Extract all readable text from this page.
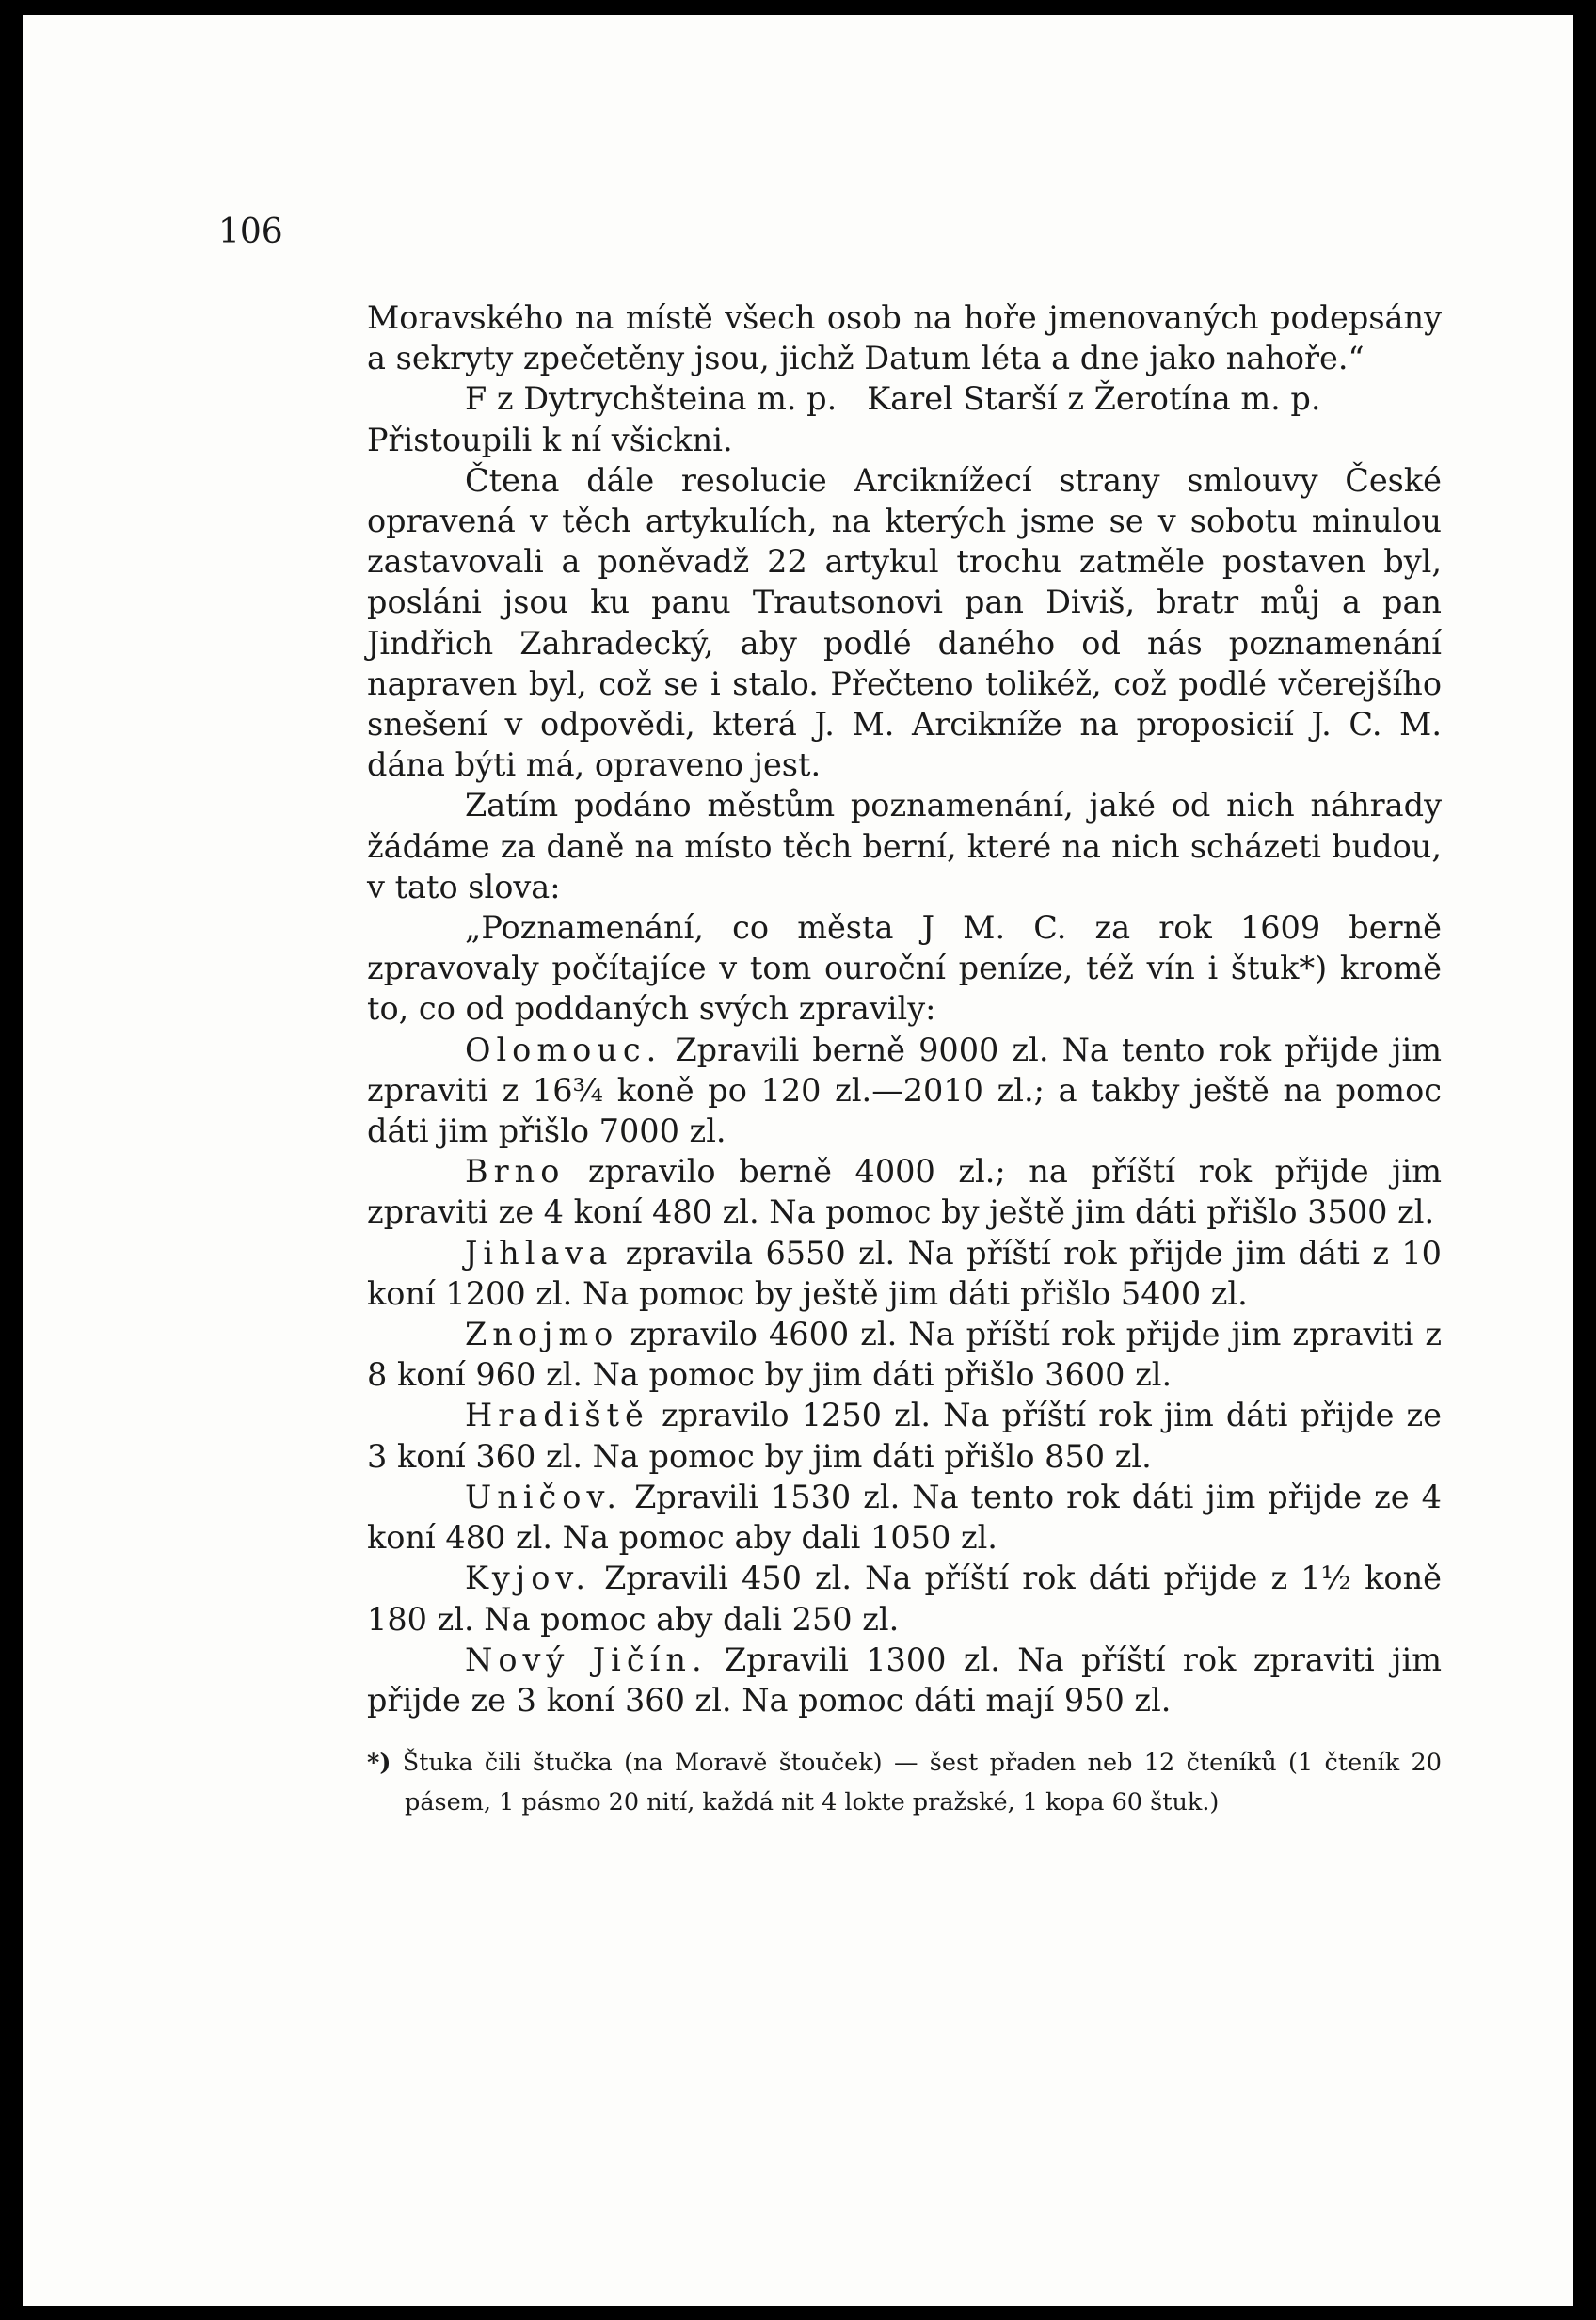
106

Moravského na místě všech osob na hoře jmenovaných podepsány a sekryty zpečetěny jsou, jichž Datum léta a dne jako nahoře.“

F z Dytrychšteina m. p.   Karel Starší z Žerotína m. p.

Přistoupili k ní všickni.

Čtena dále resolucie Arciknížecí strany smlouvy České opravená v těch artykulích, na kterých jsme se v sobotu minulou zastavovali a poněvadž 22 artykul trochu zatměle postaven byl, posláni jsou ku panu Trautsonovi pan Diviš, bratr můj a pan Jindřich Zahradecký, aby podlé daného od nás poznamenání napraven byl, což se i stalo. Přečteno tolikéž, což podlé včerejšího snešení v odpovědi, která J. M. Arcikníže na proposicií J. C. M. dána býti má, opraveno jest.

Zatím podáno městům poznamenání, jaké od nich náhrady žádáme za daně na místo těch berní, které na nich scházeti budou, v tato slova:

„Poznamenání, co města J M. C. za rok 1609 berně zpravovaly počítajíce v tom ouroční peníze, též vín i štuk*) kromě to, co od poddaných svých zpravily:

Olomouc. Zpravili berně 9000 zl. Na tento rok přijde jim zpraviti z 16¾ koně po 120 zl.—2010 zl.; a takby ještě na pomoc dáti jim přišlo 7000 zl.

Brno zpravilo berně 4000 zl.; na příští rok přijde jim zpraviti ze 4 koní 480 zl. Na pomoc by ještě jim dáti přišlo 3500 zl.

Jihlava zpravila 6550 zl. Na příští rok přijde jim dáti z 10 koní 1200 zl. Na pomoc by ještě jim dáti přišlo 5400 zl.

Znojmo zpravilo 4600 zl. Na příští rok přijde jim zpraviti z 8 koní 960 zl. Na pomoc by jim dáti přišlo 3600 zl.

Hradiště zpravilo 1250 zl. Na příští rok jim dáti přijde ze 3 koní 360 zl. Na pomoc by jim dáti přišlo 850 zl.

Uničov. Zpravili 1530 zl. Na tento rok dáti jim přijde ze 4 koní 480 zl. Na pomoc aby dali 1050 zl.

Kyjov. Zpravili 450 zl. Na příští rok dáti přijde z 1½ koně 180 zl. Na pomoc aby dali 250 zl.

Nový Jičín. Zpravili 1300 zl. Na příští rok zpraviti jim přijde ze 3 koní 360 zl. Na pomoc dáti mají 950 zl.

*) Štuka čili štučka (na Moravě štouček) — šest přaden neb 12 čteníků (1 čteník 20 pásem, 1 pásmo 20 nití, každá nit 4 lokte pražské, 1 kopa 60 štuk.)
